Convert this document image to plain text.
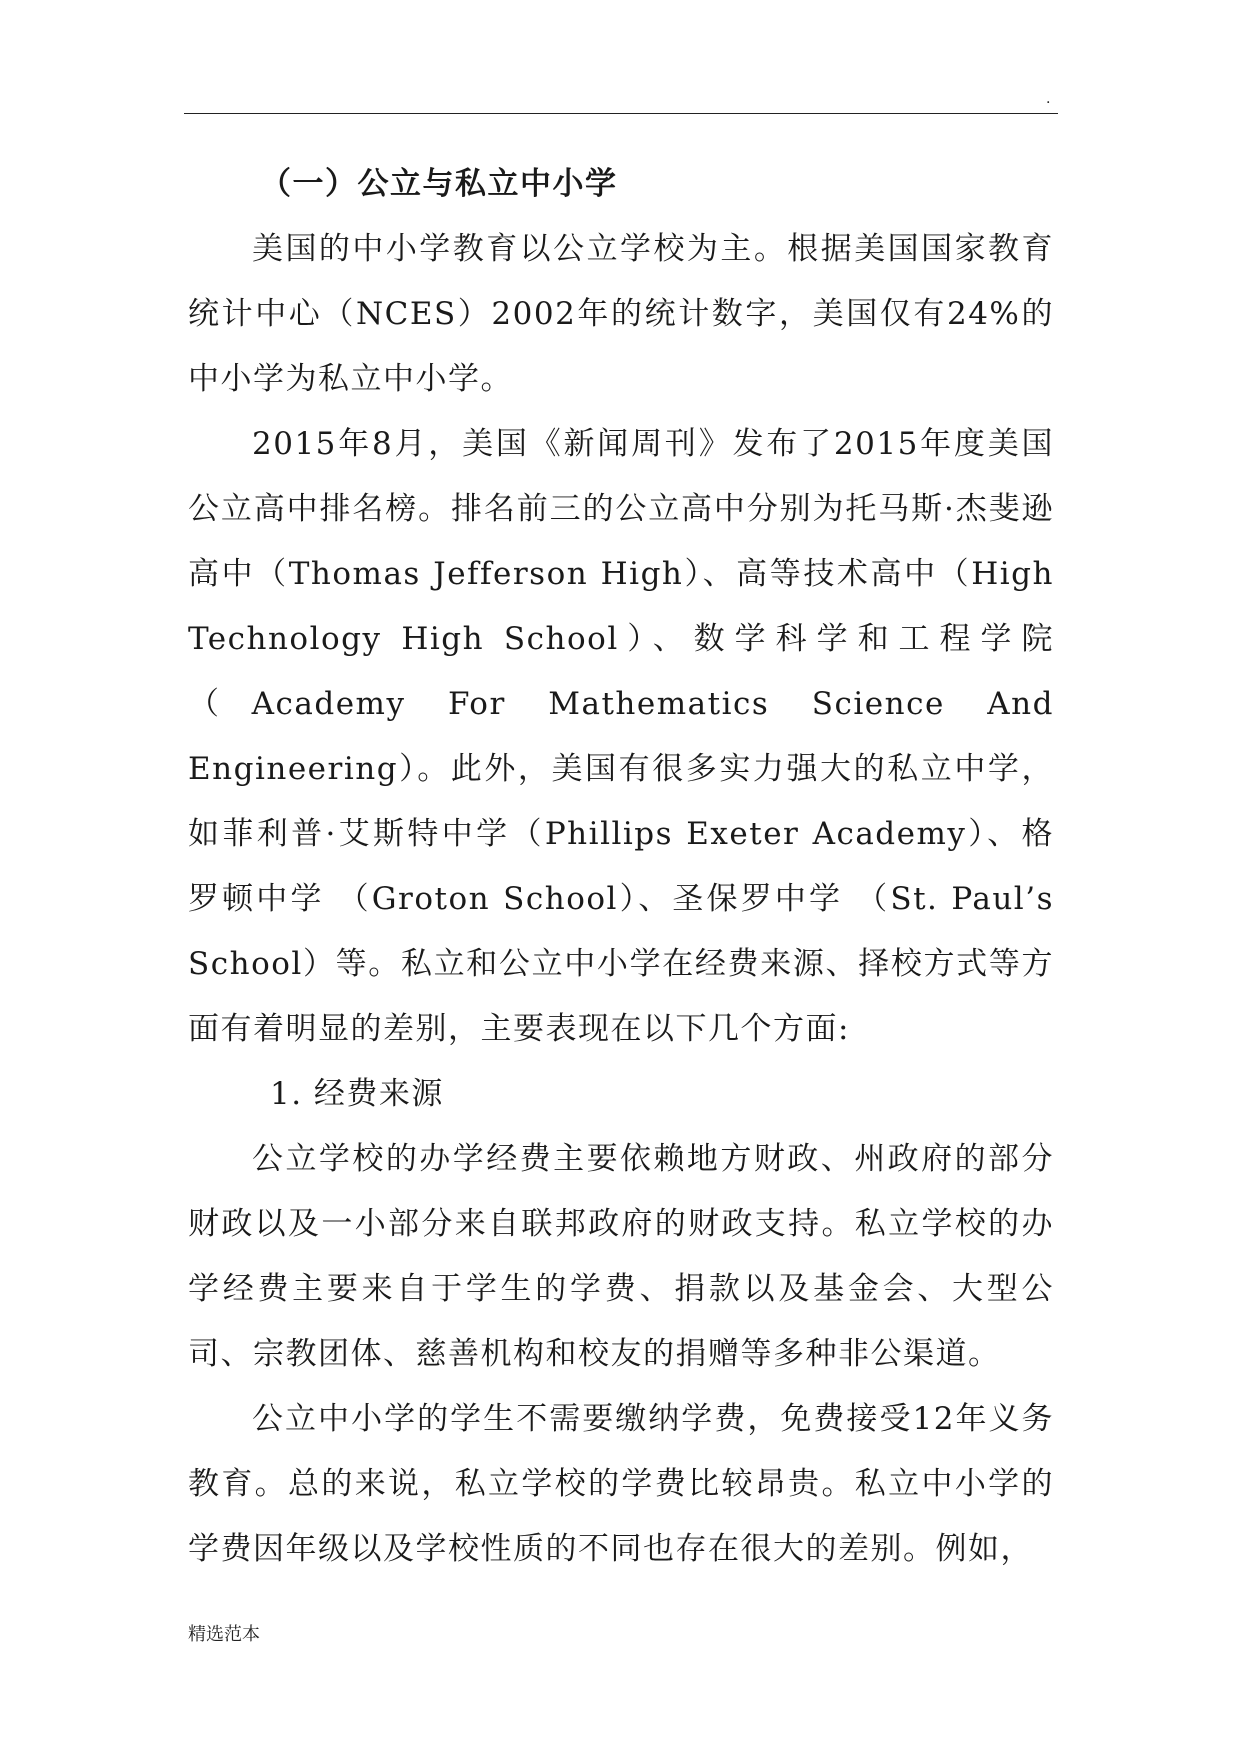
.
（一）公立与私立中小学

美国的中小学教育以公立学校为主。根据美国国家教育统计中心（NCES）2002年的统计数字，美国仅有24%的中小学为私立中小学。

2015年8月，美国《新闻周刊》发布了2015年度美国公立高中排名榜。排名前三的公立高中分别为托马斯·杰斐逊高中（Thomas Jefferson High）、高等技术高中（High Technology High School）、数学科学和工程学院（Academy For Mathematics Science And Engineering）。此外，美国有很多实力强大的私立中学，如菲利普·艾斯特中学（Phillips Exeter Academy）、格罗顿中学 （Groton School）、圣保罗中学 （St. Paul’s School）等。私立和公立中小学在经费来源、择校方式等方面有着明显的差别，主要表现在以下几个方面:

1. 经费来源

公立学校的办学经费主要依赖地方财政、州政府的部分财政以及一小部分来自联邦政府的财政支持。私立学校的办学经费主要来自于学生的学费、捐款以及基金会、大型公司、宗教团体、慈善机构和校友的捐赠等多种非公渠道。

公立中小学的学生不需要缴纳学费，免费接受12年义务教育。总的来说，私立学校的学费比较昂贵。私立中小学的学费因年级以及学校性质的不同也存在很大的差别。例如，

精选范本
